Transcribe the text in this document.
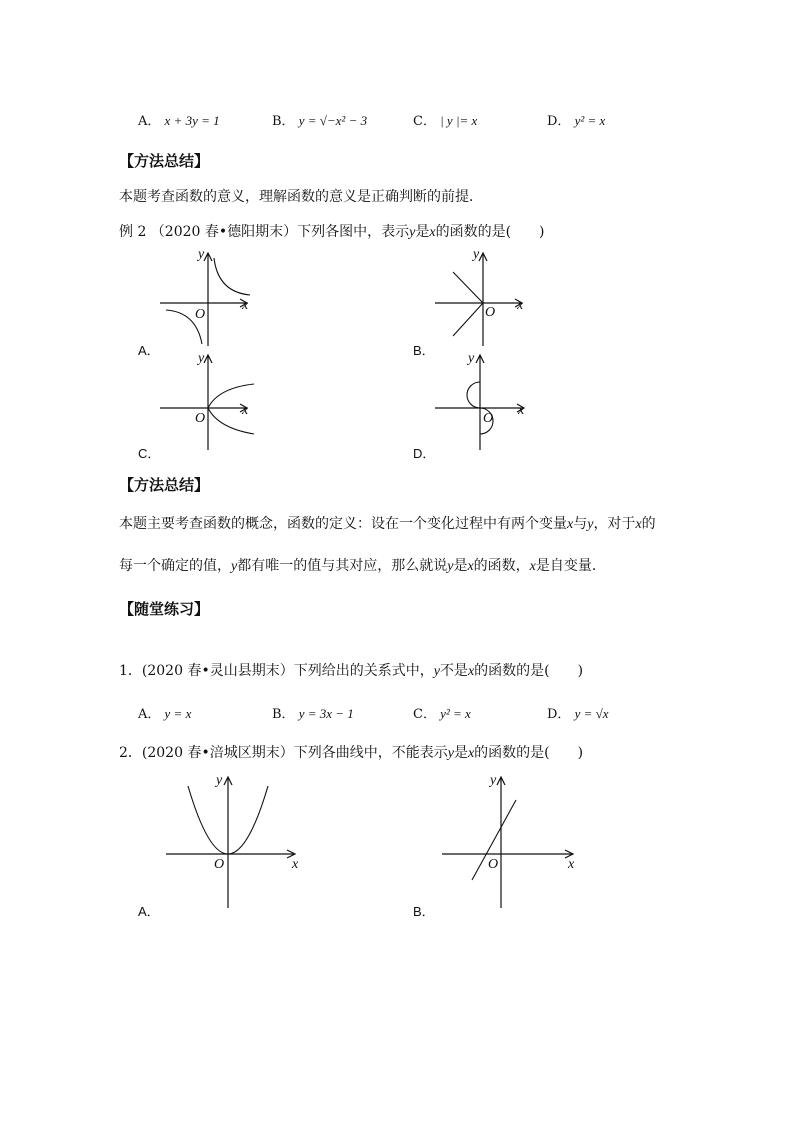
A． x + 3y = 1	B． y = √−x² − 3	C． | y |= x	D． y² = x
【方法总结】
本题考查函数的意义，理解函数的意义是正确判断的前提．
例 2 （2020 春•德阳期末）下列各图中，表示y是x的函数的是(　　)
y
x
O
A．
y
x
O
B．
y
x
O
C．
y
x
O
D．
【方法总结】
本题主要考查函数的概念，函数的定义：设在一个变化过程中有两个变量x与y，对于x的
每一个确定的值，y都有唯一的值与其对应，那么就说y是x的函数，x是自变量．
【随堂练习】
1．(2020 春•灵山县期末）下列给出的关系式中，y不是x的函数的是(　　)
A． y = x	B． y = 3x − 1	C． y² = x	D． y = √x
2．(2020 春•涪城区期末）下列各曲线中，不能表示y是x的函数的是(　　)
y
x
O
A．
y
x
O
B．
